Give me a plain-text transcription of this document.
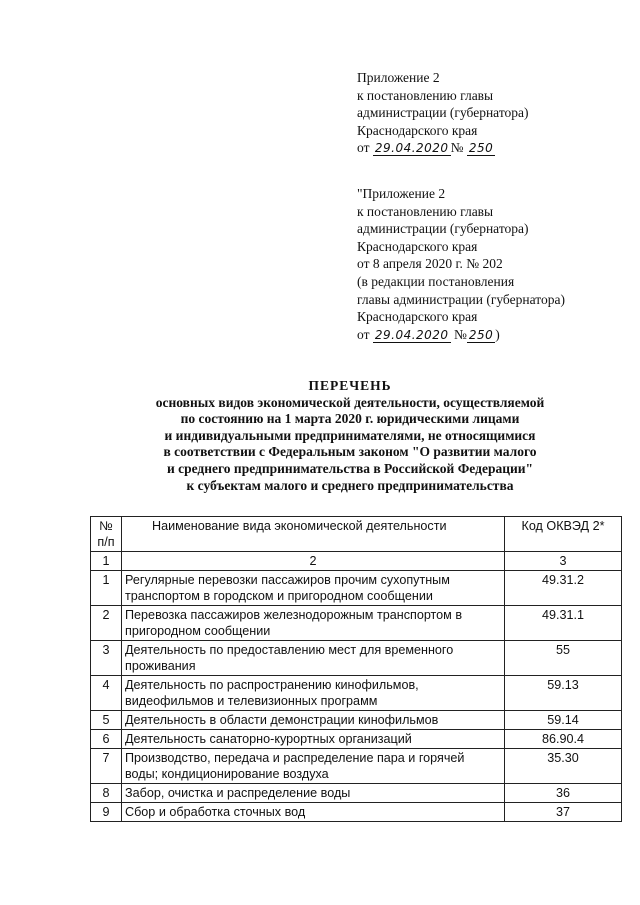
Приложение 2
к постановлению главы
администрации (губернатора)
Краснодарского края
от 29.04.2020 № 250
"Приложение 2
к постановлению главы
администрации (губернатора)
Краснодарского края
от 8 апреля 2020 г. № 202
(в редакции постановления
главы администрации (губернатора)
Краснодарского края
от 29.04.2020 № 250 )
ПЕРЕЧЕНЬ
основных видов экономической деятельности, осуществляемой
по состоянию на 1 марта 2020 г. юридическими лицами
и индивидуальными предпринимателями, не относящимися
в соответствии с Федеральным законом "О развитии малого
и среднего предпринимательства в Российской Федерации"
к субъектам малого и среднего предпринимательства
№ п/п	Наименование вида экономической деятельности	Код ОКВЭД 2*
1	2	3
1	Регулярные перевозки пассажиров прочим сухопутным транспортом в городском и пригородном сообщении	49.31.2
2	Перевозка пассажиров железнодорожным транспортом в пригородном сообщении	49.31.1
3	Деятельность по предоставлению мест для временного проживания	55
4	Деятельность по распространению кинофильмов, видеофильмов и телевизионных программ	59.13
5	Деятельность в области демонстрации кинофильмов	59.14
6	Деятельность санаторно-курортных организаций	86.90.4
7	Производство, передача и распределение пара и горячей воды; кондиционирование воздуха	35.30
8	Забор, очистка и распределение воды	36
9	Сбор и обработка сточных вод	37
